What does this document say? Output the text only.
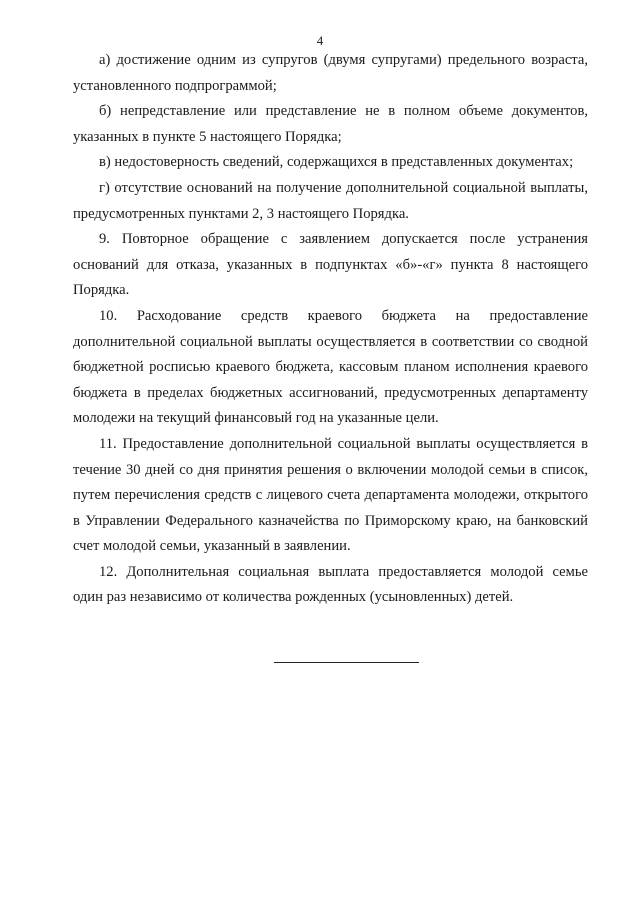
4

а) достижение одним из супругов (двумя супругами) предельного возраста, установленного подпрограммой;

б) непредставление или представление не в полном объеме документов, указанных в пункте 5 настоящего Порядка;

в) недостоверность сведений, содержащихся в представленных документах;

г) отсутствие оснований на получение дополнительной социальной выплаты, предусмотренных пунктами 2, 3 настоящего Порядка.

9. Повторное обращение с заявлением допускается после устранения оснований для отказа, указанных в подпунктах «б»-«г» пункта 8 настоящего Порядка.

10. Расходование средств краевого бюджета на предоставление дополнительной социальной выплаты осуществляется в соответствии со сводной бюджетной росписью краевого бюджета, кассовым планом исполнения краевого бюджета в пределах бюджетных ассигнований, предусмотренных департаменту молодежи на текущий финансовый год на указанные цели.

11. Предоставление дополнительной социальной выплаты осуществляется в течение 30 дней со дня принятия решения о включении молодой семьи в список, путем перечисления средств с лицевого счета департамента молодежи, открытого в Управлении Федерального казначейства по Приморскому краю, на банковский счет молодой семьи, указанный в заявлении.

12. Дополнительная социальная выплата предоставляется молодой семье один раз независимо от количества рожденных (усыновленных) детей.
